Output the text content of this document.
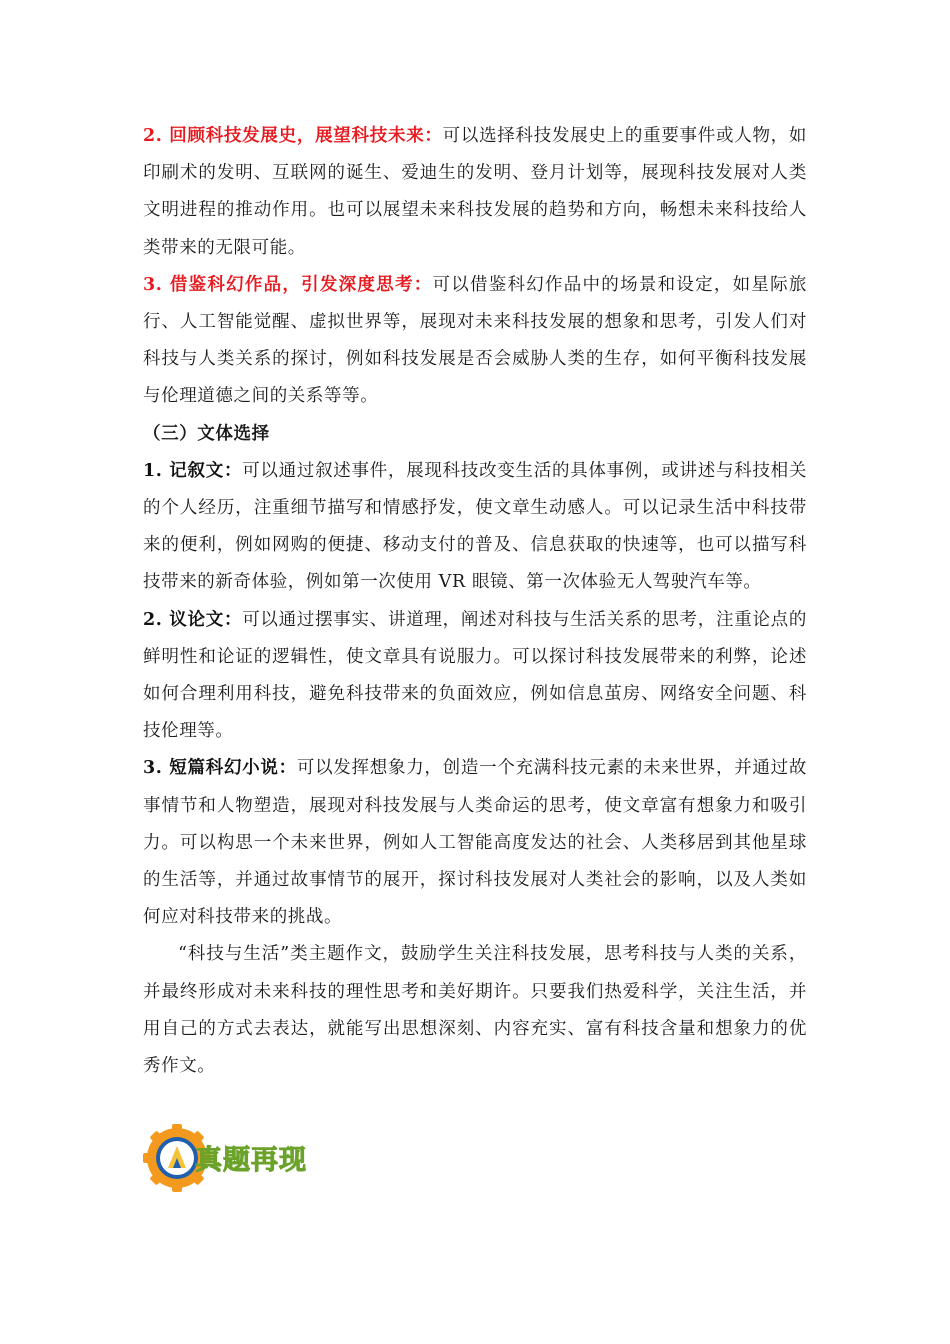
2. 回顾科技发展史，展望科技未来：可以选择科技发展史上的重要事件或人物，如印刷术的发明、互联网的诞生、爱迪生的发明、登月计划等，展现科技发展对人类文明进程的推动作用。也可以展望未来科技发展的趋势和方向，畅想未来科技给人类带来的无限可能。

3. 借鉴科幻作品，引发深度思考：可以借鉴科幻作品中的场景和设定，如星际旅行、人工智能觉醒、虚拟世界等，展现对未来科技发展的想象和思考，引发人们对科技与人类关系的探讨，例如科技发展是否会威胁人类的生存，如何平衡科技发展与伦理道德之间的关系等等。

（三）文体选择

1. 记叙文：可以通过叙述事件，展现科技改变生活的具体事例，或讲述与科技相关的个人经历，注重细节描写和情感抒发，使文章生动感人。可以记录生活中科技带来的便利，例如网购的便捷、移动支付的普及、信息获取的快速等，也可以描写科技带来的新奇体验，例如第一次使用 VR 眼镜、第一次体验无人驾驶汽车等。

2. 议论文：可以通过摆事实、讲道理，阐述对科技与生活关系的思考，注重论点的鲜明性和论证的逻辑性，使文章具有说服力。可以探讨科技发展带来的利弊，论述如何合理利用科技，避免科技带来的负面效应，例如信息茧房、网络安全问题、科技伦理等。

3. 短篇科幻小说：可以发挥想象力，创造一个充满科技元素的未来世界，并通过故事情节和人物塑造，展现对科技发展与人类命运的思考，使文章富有想象力和吸引力。可以构思一个未来世界，例如人工智能高度发达的社会、人类移居到其他星球的生活等，并通过故事情节的展开，探讨科技发展对人类社会的影响，以及人类如何应对科技带来的挑战。

“科技与生活”类主题作文，鼓励学生关注科技发展，思考科技与人类的关系，并最终形成对未来科技的理性思考和美好期许。只要我们热爱科学，关注生活，并用自己的方式去表达，就能写出思想深刻、内容充实、富有科技含量和想象力的优秀作文。

真题再现
